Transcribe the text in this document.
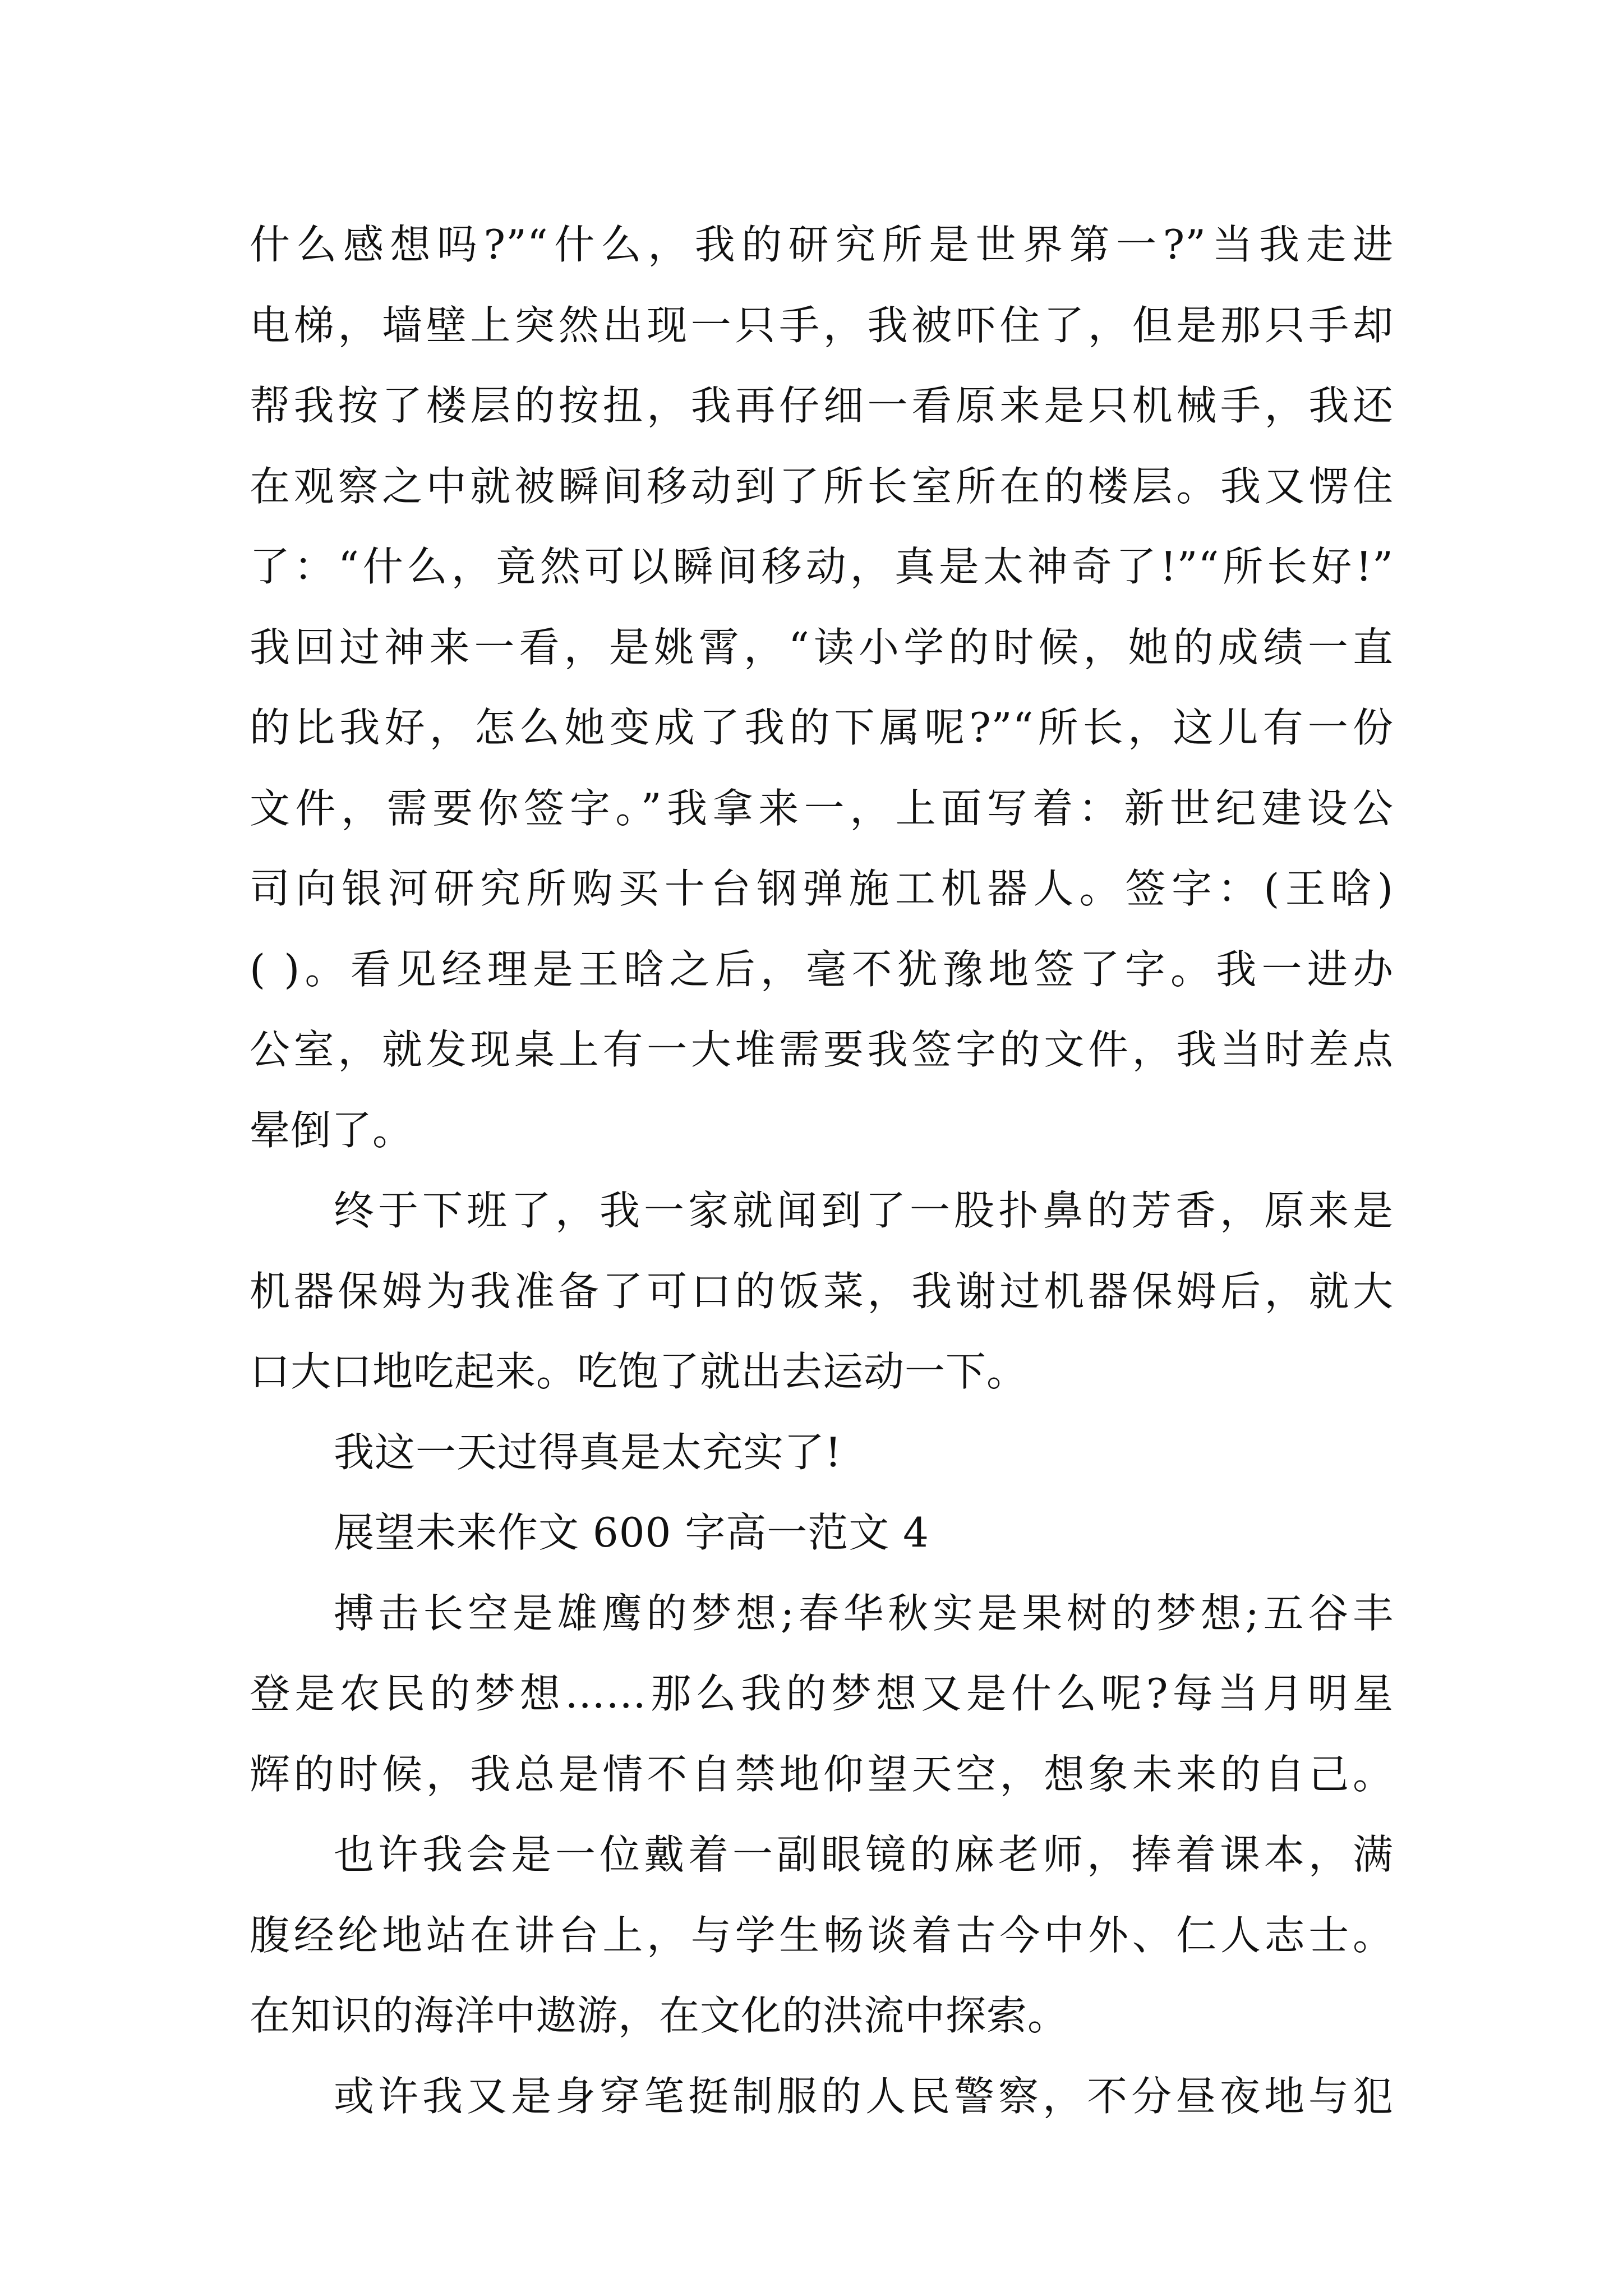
什么感想吗?”“什么，我的研究所是世界第一?”当我走进
电梯，墙壁上突然出现一只手，我被吓住了，但是那只手却
帮我按了楼层的按扭，我再仔细一看原来是只机械手，我还
在观察之中就被瞬间移动到了所长室所在的楼层。我又愣住
了：“什么，竟然可以瞬间移动，真是太神奇了!”“所长好!”
我回过神来一看，是姚霄，“读小学的时候，她的成绩一直
的比我好，怎么她变成了我的下属呢?”“所长，这儿有一份
文件，需要你签字。”我拿来一，上面写着：新世纪建设公
司向银河研究所购买十台钢弹施工机器人。签字：(王晗)
( )。看见经理是王晗之后，毫不犹豫地签了字。我一进办
公室，就发现桌上有一大堆需要我签字的文件，我当时差点
晕倒了。
终于下班了，我一家就闻到了一股扑鼻的芳香，原来是
机器保姆为我准备了可口的饭菜，我谢过机器保姆后，就大
口大口地吃起来。吃饱了就出去运动一下。
我这一天过得真是太充实了!
展望未来作文 600 字高一范文 4
搏击长空是雄鹰的梦想;春华秋实是果树的梦想;五谷丰
登是农民的梦想……那么我的梦想又是什么呢?每当月明星
辉的时候，我总是情不自禁地仰望天空，想象未来的自己。
也许我会是一位戴着一副眼镜的麻老师，捧着课本，满
腹经纶地站在讲台上，与学生畅谈着古今中外、仁人志士。
在知识的海洋中遨游，在文化的洪流中探索。
或许我又是身穿笔挺制服的人民警察，不分昼夜地与犯
